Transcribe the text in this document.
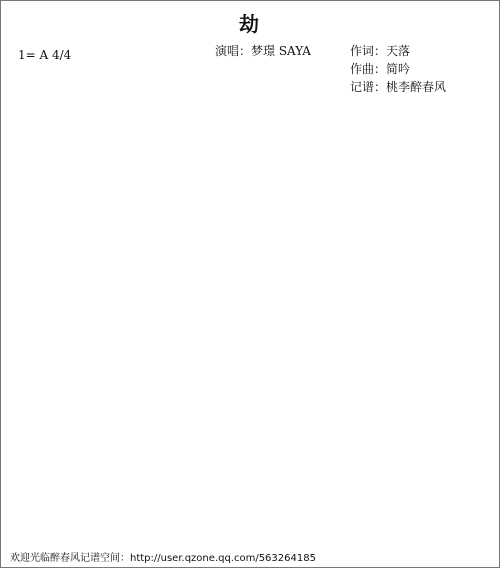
劫
1= A 4/4	演唱：梦璟 SAYA	作词：天落
作曲：简吟
记谱：桃李醉春风
欢迎光临醉春风记谱空间：http://user.qzone.qq.com/563264185
